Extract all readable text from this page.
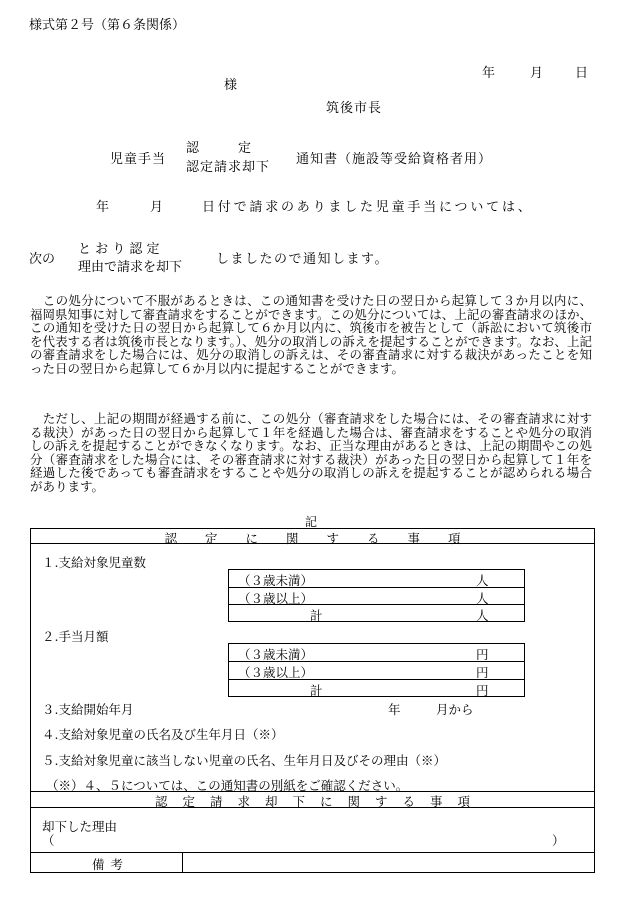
様式第２号（第６条関係）
年	月 日
様
筑後市長
児童手当
認　　　定
認定請求却下
通知書（施設等受給資格者用）
年	月	日付で請求のありました児童手当については、
次の
と お り 認 定
理由で請求を却下
しましたので通知します。
　この処分について不服があるときは、この通知書を受けた日の翌日から起算して３か月以内に、福岡県知事に対して審査請求をすることができます。この処分については、上記の審査請求のほか、この通知を受けた日の翌日から起算して６か月以内に、筑後市を被告として（訴訟において筑後市を代表する者は筑後市長となります。）、処分の取消しの訴えを提起することができます。なお、上記の審査請求をした場合には、処分の取消しの訴えは、その審査請求に対する裁決があったことを知った日の翌日から起算して６か月以内に提起することができます。
　ただし、上記の期間が経過する前に、この処分（審査請求をした場合には、その審査請求に対する裁決）があった日の翌日から起算して１年を経過した場合は、審査請求をすることや処分の取消しの訴えを提起することができなくなります。なお、正当な理由があるときは、上記の期間やこの処分（審査請求をした場合には、その審査請求に対する裁決）があった日の翌日から起算して１年を経過した後であっても審査請求をすることや処分の取消しの訴えを提起することが認められる場合があります。
記
認定に関する事項
１.支給対象児童数
（３歳未満）	人
（３歳以上）	人
計	人
２.手当月額
（３歳未満）	円
（３歳以上）	円
計	円
３.支給開始年月	年	月から
４.支給対象児童の氏名及び生年月日（※）
５.支給対象児童に該当しない児童の氏名、生年月日及びその理由（※）
（※）４、５については、この通知書の別紙をご確認ください。
認定請求却下に関する事項
却下した理由
（	）
備考
